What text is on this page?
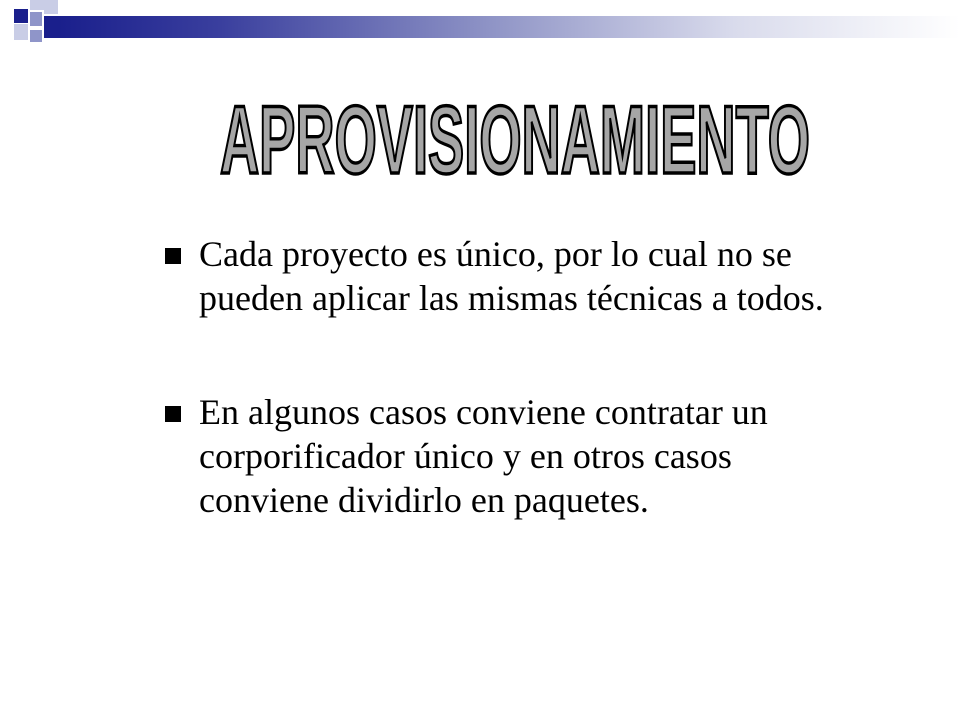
APROVISIONAMIENTO
Cada proyecto es único, por lo cual no se
pueden aplicar las mismas técnicas a todos.
En algunos casos conviene contratar un
corporificador único y en otros casos
conviene dividirlo en paquetes.
